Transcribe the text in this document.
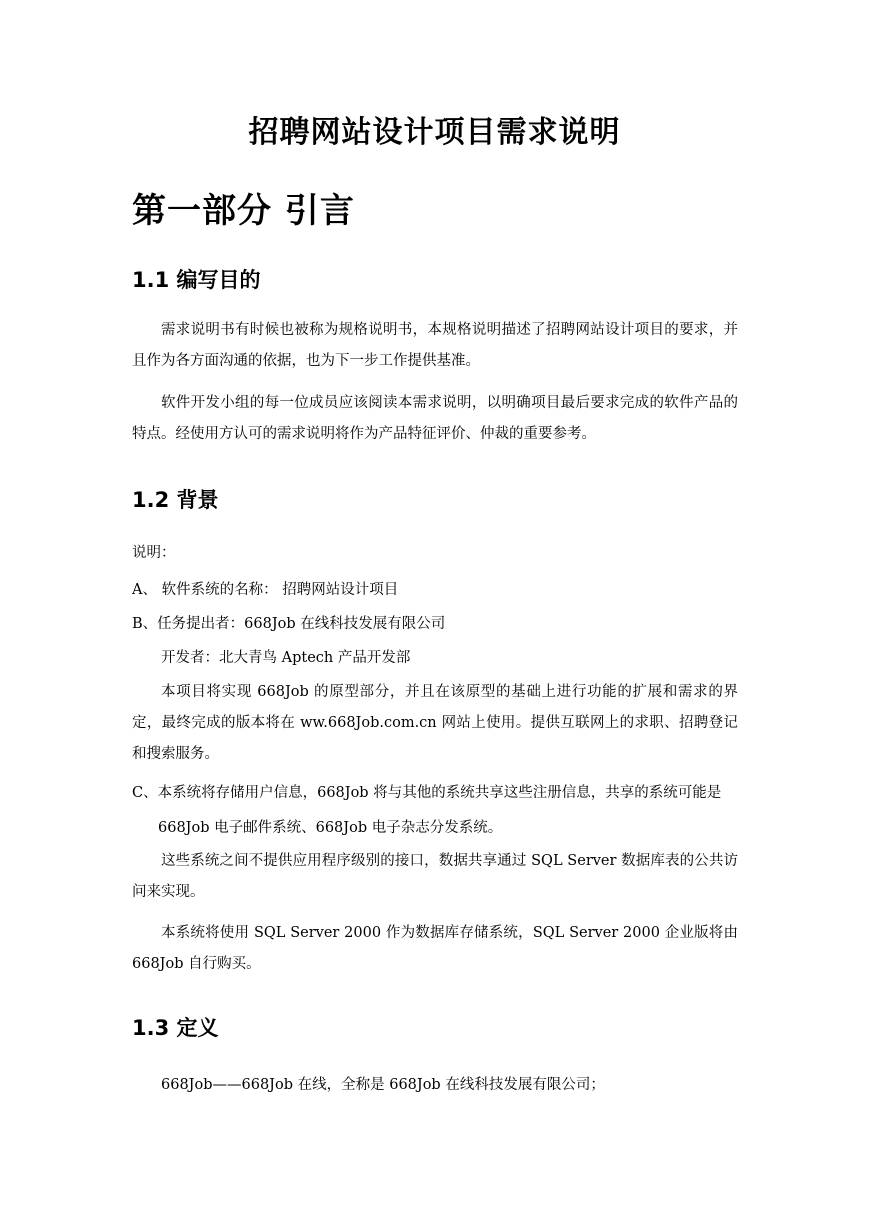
招聘网站设计项目需求说明
第一部分 引言
1.1 编写目的
需求说明书有时候也被称为规格说明书，本规格说明描述了招聘网站设计项目的要求，并且作为各方面沟通的依据，也为下一步工作提供基准。
软件开发小组的每一位成员应该阅读本需求说明，以明确项目最后要求完成的软件产品的特点。经使用方认可的需求说明将作为产品特征评价、仲裁的重要参考。
1.2 背景
说明：
A、 软件系统的名称： 招聘网站设计项目
B、任务提出者：668Job 在线科技发展有限公司
开发者：北大青鸟 Aptech 产品开发部
本项目将实现 668Job 的原型部分，并且在该原型的基础上进行功能的扩展和需求的界定，最终完成的版本将在 ww.668Job.com.cn 网站上使用。提供互联网上的求职、招聘登记和搜索服务。
C、本系统将存储用户信息，668Job 将与其他的系统共享这些注册信息，共享的系统可能是
668Job 电子邮件系统、668Job 电子杂志分发系统。
这些系统之间不提供应用程序级别的接口，数据共享通过 SQL Server 数据库表的公共访问来实现。
本系统将使用 SQL Server 2000 作为数据库存储系统，SQL Server 2000 企业版将由 668Job 自行购买。
1.3 定义
668Job——668Job 在线，全称是 668Job 在线科技发展有限公司；
